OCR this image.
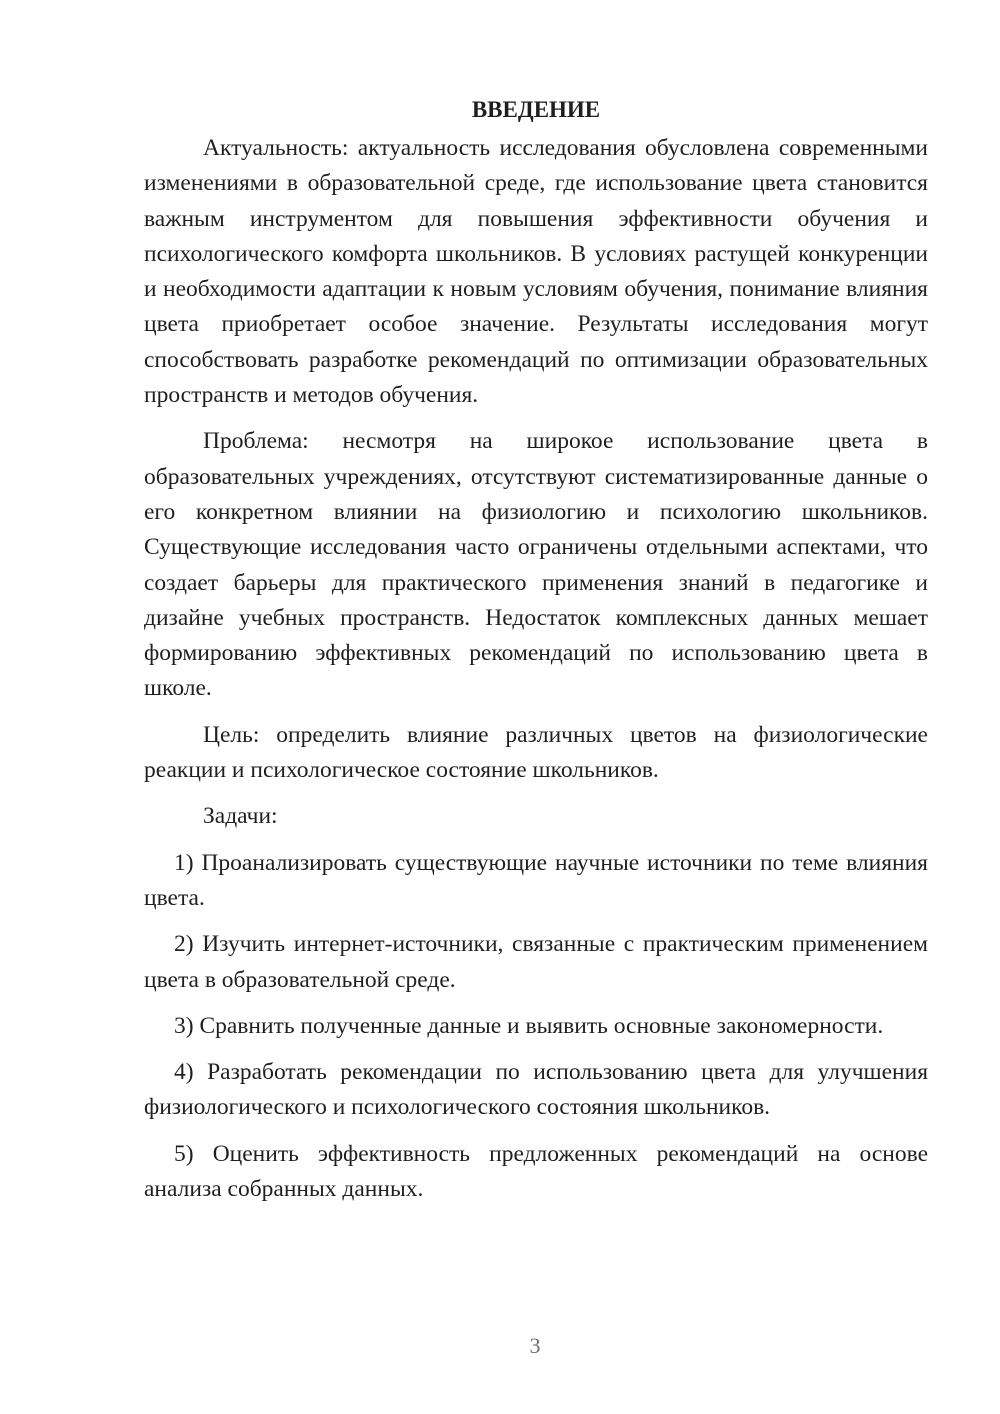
ВВЕДЕНИЕ

Актуальность: актуальность исследования обусловлена современными изменениями в образовательной среде, где использование цвета становится важным инструментом для повышения эффективности обучения и психологического комфорта школьников. В условиях растущей конкуренции и необходимости адаптации к новым условиям обучения, понимание влияния цвета приобретает особое значение. Результаты исследования могут способствовать разработке рекомендаций по оптимизации образовательных пространств и методов обучения.

Проблема: несмотря на широкое использование цвета в образовательных учреждениях, отсутствуют систематизированные данные о его конкретном влиянии на физиологию и психологию школьников. Существующие исследования часто ограничены отдельными аспектами, что создает барьеры для практического применения знаний в педагогике и дизайне учебных пространств. Недостаток комплексных данных мешает формированию эффективных рекомендаций по использованию цвета в школе.

Цель: определить влияние различных цветов на физиологические реакции и психологическое состояние школьников.

Задачи:

1) Проанализировать существующие научные источники по теме влияния цвета.

2) Изучить интернет-источники, связанные с практическим применением цвета в образовательной среде.

3) Сравнить полученные данные и выявить основные закономерности.

4) Разработать рекомендации по использованию цвета для улучшения физиологического и психологического состояния школьников.

5) Оценить эффективность предложенных рекомендаций на основе анализа собранных данных.

3
